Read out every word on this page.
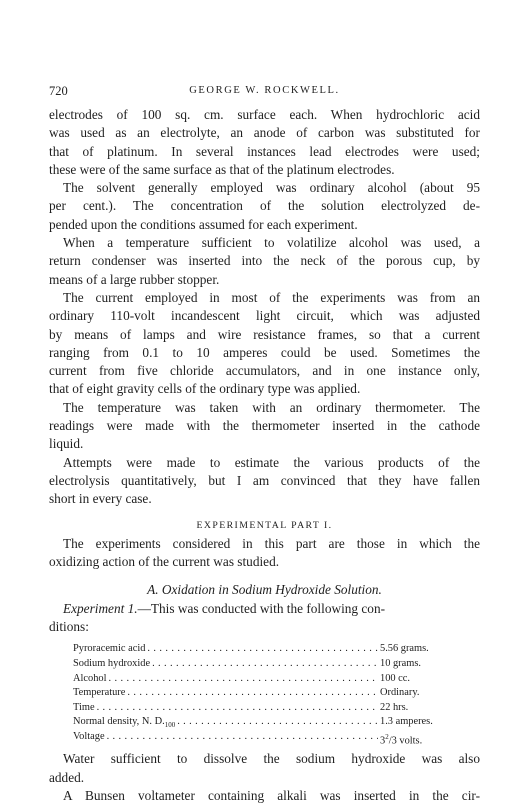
720	GEORGE W. ROCKWELL.
electrodes of 100 sq. cm. surface each. When hydrochloric acid
was used as an electrolyte, an anode of carbon was substituted for
that of platinum. In several instances lead electrodes were used;
these were of the same surface as that of the platinum electrodes.
The solvent generally employed was ordinary alcohol (about 95
per cent.). The concentration of the solution electrolyzed de-
pended upon the conditions assumed for each experiment.
When a temperature sufficient to volatilize alcohol was used, a
return condenser was inserted into the neck of the porous cup, by
means of a large rubber stopper.
The current employed in most of the experiments was from an
ordinary 110-volt incandescent light circuit, which was adjusted
by means of lamps and wire resistance frames, so that a current
ranging from 0.1 to 10 amperes could be used. Sometimes the
current from five chloride accumulators, and in one instance only,
that of eight gravity cells of the ordinary type was applied.
The temperature was taken with an ordinary thermometer. The
readings were made with the thermometer inserted in the cathode
liquid.
Attempts were made to estimate the various products of the
electrolysis quantitatively, but I am convinced that they have fallen
short in every case.
EXPERIMENTAL PART I.
The experiments considered in this part are those in which the
oxidizing action of the current was studied.
A. Oxidation in Sodium Hydroxide Solution.
Experiment 1.—This was conducted with the following con-
ditions:
Pyroracemic acid . . .	5.56 grams.
Sodium hydroxide . . .	10 grams.
Alcohol . . .	100 cc.
Temperature . . .	Ordinary.
Time . . .	22 hrs.
Normal density, N. $D._{100}$ . . .	1.3 amperes.
Voltage . . .	$3^2/3$ volts.
Water sufficient to dissolve the sodium hydroxide was also
added.
A Bunsen voltameter containing alkali was inserted in the cir-
